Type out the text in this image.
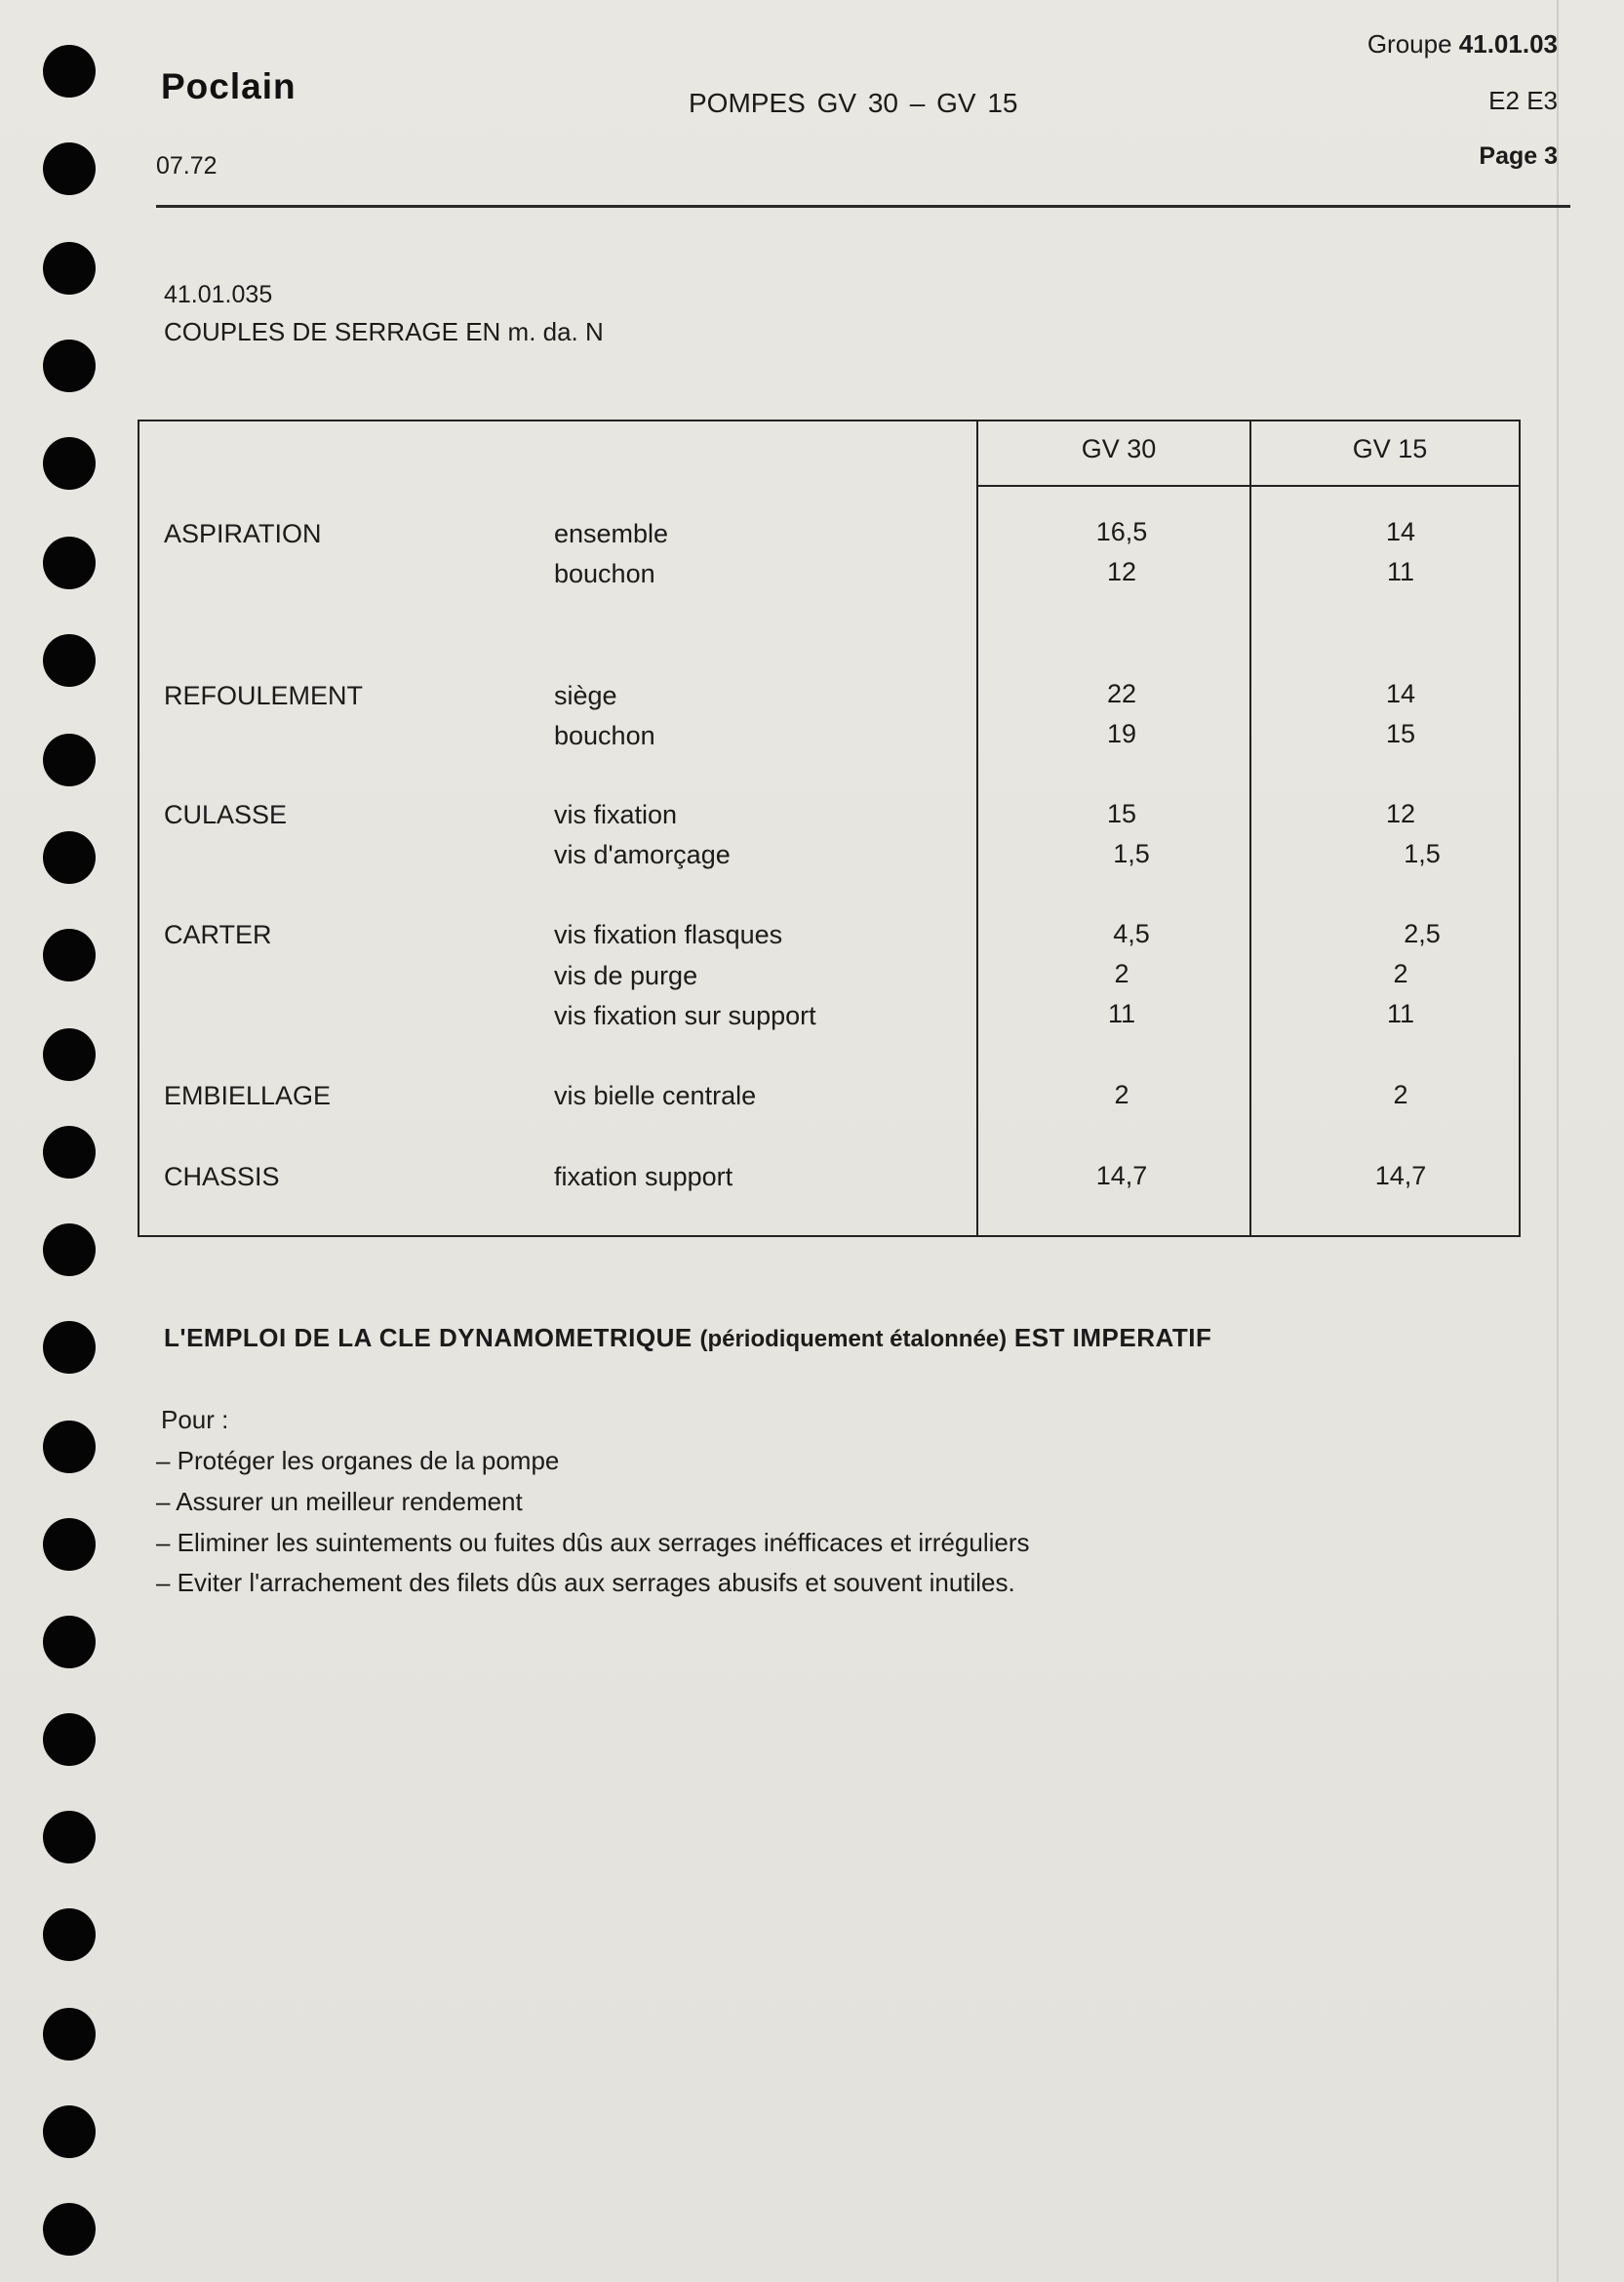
Poclain
07.72
POMPES GV 30 – GV 15
Groupe 41.01.03
E2 E3
Page 3
41.01.035
COUPLES DE SERRAGE EN m. da. N
GV 30	GV 15
ASPIRATION	ensemble	16,5	14
bouchon	12	11
REFOULEMENT	siège	22	14
bouchon	19	15
CULASSE	vis fixation	15	12
vis d'amorçage	1,5	1,5
CARTER	vis fixation flasques	4,5	2,5
vis de purge	2	2
vis fixation sur support	11	11
EMBIELLAGE	vis bielle centrale	2	2
CHASSIS	fixation support	14,7	14,7
L'EMPLOI DE LA CLE DYNAMOMETRIQUE (périodiquement étalonnée) EST IMPERATIF
Pour :
– Protéger les organes de la pompe
– Assurer un meilleur rendement
– Eliminer les suintements ou fuites dûs aux serrages inéfficaces et irréguliers
– Eviter l'arrachement des filets dûs aux serrages abusifs et souvent inutiles.
